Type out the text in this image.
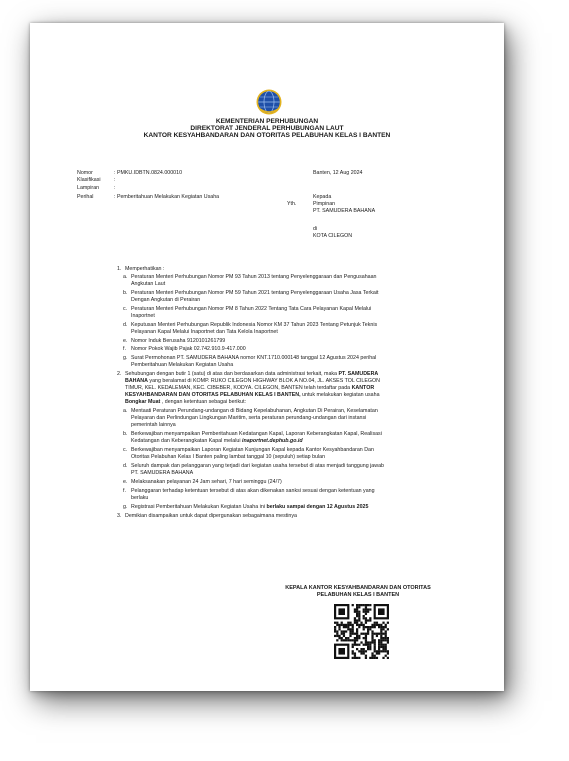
KEMENTERIAN PERHUBUNGAN
DIREKTORAT JENDERAL PERHUBUNGAN LAUT
KANTOR KESYAHBANDARAN DAN OTORITAS PELABUHAN KELAS I BANTEN
Nomor	: PMKU.IDBTN.0824.000010
Klasifikasi	:
Lampiran	:
Perihal	: Pemberitahuan Melakukan Kegiatan Usaha
Banten, 12 Aug 2024
Kepada
Yth.	Pimpinan
PT. SAMUDERA BAHANA
di
KOTA CILEGON
1. Memperhatikan :
a. Peraturan Menteri Perhubungan Nomor PM 93 Tahun 2013 tentang Penyelenggaraan dan Pengusahaan
Angkutan Laut
b. Peraturan Menteri Perhubungan Nomor PM 59 Tahun 2021 tentang Penyelenggaraan Usaha Jasa Terkait
Dengan Angkutan di Perairan
c. Peraturan Menteri Perhubungan Nomor PM 8 Tahun 2022 Tentang Tata Cara Pelayanan Kapal Melalui
Inaportnet
d. Keputusan Menteri Perhubungan Republik Indonesia Nomor KM 37 Tahun 2023 Tentang Petunjuk Teknis
Pelayanan Kapal Melalui Inaportnet dan Tata Kelola Inaportnet
e. Nomor Induk Berusaha 9120101261799
f. Nomor Pokok Wajib Pajak 02.742.910.9-417.000
g. Surat Permohonan PT. SAMUDERA BAHANA nomor KNT.1710.000148 tanggal 12 Agustus 2024 perihal
Pemberitahuan Melakukan Kegiatan Usaha
2. Sehubungan dengan butir 1 (satu) di atas dan berdasarkan data administrasi terkait, maka PT. SAMUDERA
BAHANA yang beralamat di KOMP. RUKO CILEGON HIGHWAY BLOK A NO.04, JL. AKSES TOL CILEGON
TIMUR, KEL. KEDALEMAN, KEC. CIBEBER, KODYA. CILEGON, BANTEN telah terdaftar pada KANTOR
KESYAHBANDARAN DAN OTORITAS PELABUHAN KELAS I BANTEN, untuk melakukan kegiatan usaha
Bongkar Muat , dengan ketentuan sebagai berikut:
a. Mentaati Peraturan Perundang-undangan di Bidang Kepelabuhanan, Angkutan Di Perairan, Keselamatan
Pelayaran dan Perlindungan Lingkungan Maritim, serta peraturan perundang-undangan dari instansi
pemerintah lainnya
b. Berkewajiban menyampaikan Pemberitahuan Kedatangan Kapal, Laporan Keberangkatan Kapal, Realisasi
Kedatangan dan Keberangkatan Kapal melalui inaportnet.dephub.go.id
c. Berkewajiban menyampaikan Laporan Kegiatan Kunjungan Kapal kepada Kantor Kesyahbandaran Dan
Otoritas Pelabuhan Kelas I Banten paling lambat tanggal 10 (sepuluh) setiap bulan
d. Seluruh dampak dan pelanggaran yang terjadi dari kegiatan usaha tersebut di atas menjadi tanggung jawab
PT. SAMUDERA BAHANA
e. Melaksanakan pelayanan 24 Jam sehari, 7 hari seminggu (24/7)
f. Pelanggaran terhadap ketentuan tersebut di atas akan dikenakan sanksi sesuai dengan ketentuan yang
berlaku
g. Registrasi Pemberitahuan Melakukan Kegiatan Usaha ini berlaku sampai dengan 12 Agustus 2025
3. Demikian disampaikan untuk dapat dipergunakan sebagaimana mestinya
KEPALA KANTOR KESYAHBANDARAN DAN OTORITAS
PELABUHAN KELAS I BANTEN
